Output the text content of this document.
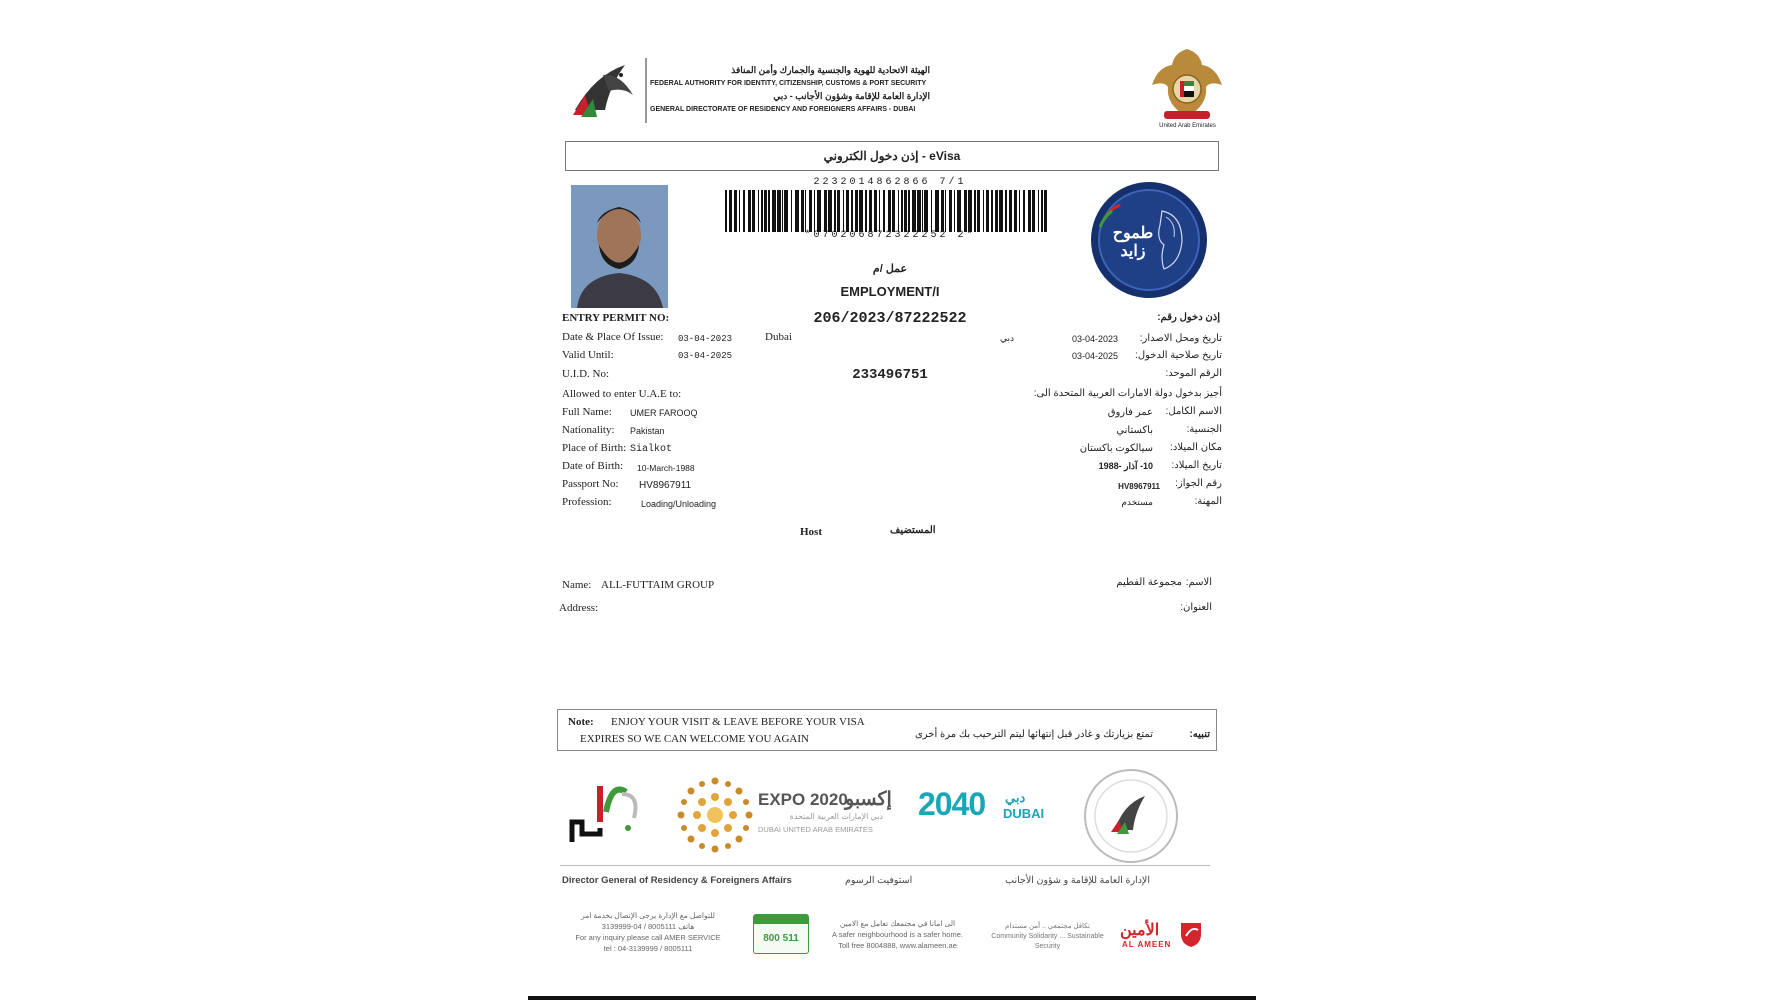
الهيئة الاتحادية للهوية والجنسية والجمارك وأمن المنافذ
FEDERAL AUTHORITY FOR IDENTITY, CITIZENSHIP, CUSTOMS & PORT SECURITY
الإدارة العامة للإقامة وشؤون الأجانب - دبي
GENERAL DIRECTORATE OF RESIDENCY AND FOREIGNERS AFFAIRS - DUBAI
United Arab Emirates
إذن دخول الكتروني - eVisa
2232014862866 7/1
*070206872322252 2*	طموح زايد
عمل /م
EMPLOYMENT/I
ENTRY PERMIT NO:	206/2023/87222522	إذن دخول رقم:
Date & Place Of Issue: 03-04-2023	Dubai	دبي	03-04-2023	تاريخ ومحل الاصدار:
Valid Until:	03-04-2025	03-04-2025	تاريخ صلاحية الدخول:
U.I.D. No:	233496751	الرقم الموحد:
Allowed to enter U.A.E to:	أجيز بدخول دولة الامارات العربية المتحدة الى:
Full Name: UMER FAROOQ	عمر فاروق	الاسم الكامل:
Nationality: Pakistan	باكستاني	الجنسية:
Place of Birth: Sialkot	سيالكوت باكستان	مكان الميلاد:
Date of Birth: 10-March-1988	10- آذار -1988	تاريخ الميلاد:
Passport No: HV8967911	HV8967911	رقم الجواز:
Profession:	Loading/Unloading	مستخدم	المهنة:
Host	المستضيف
Name: ALL-FUTTAIM GROUP	مجموعة الفطيم الاسم:
Address:	العنوان:
Note: ENJOY YOUR VISIT & LEAVE BEFORE YOUR VISA
EXPIRES SO WE CAN WELCOME YOU AGAIN	تنبيه:
تمتع بزيارتك و غادر قبل إنتهائها ليتم الترحيب بك مرة أخرى
EXPO 2020
إكسبو
دبي الإمارات العربية المتحدة
DUBAI UNITED ARAB EMIRATES
2040 دبي
DUBAI
Director General of Residency & Foreigners Affairs	استوفيت الرسوم	الإدارة العامة للإقامة و شؤون الأجانب
للتواصل مع الإدارة يرجى الإتصال بخدمة امر
هاتف 8005111 / 04-3139999
For any inquiry please call AMER SERVICE
tel : 04-3139999 / 8005111
800 511
الى امانا في مجتمعك تعامل مع الامين
A safer neighbourhood is a safer home.
Toll free 8004888, www.alameen.ae
تكافل مجتمعي .. أمن مستدام
Community Solidarity ... Sustainable Security
الأمين
AL AMEEN
